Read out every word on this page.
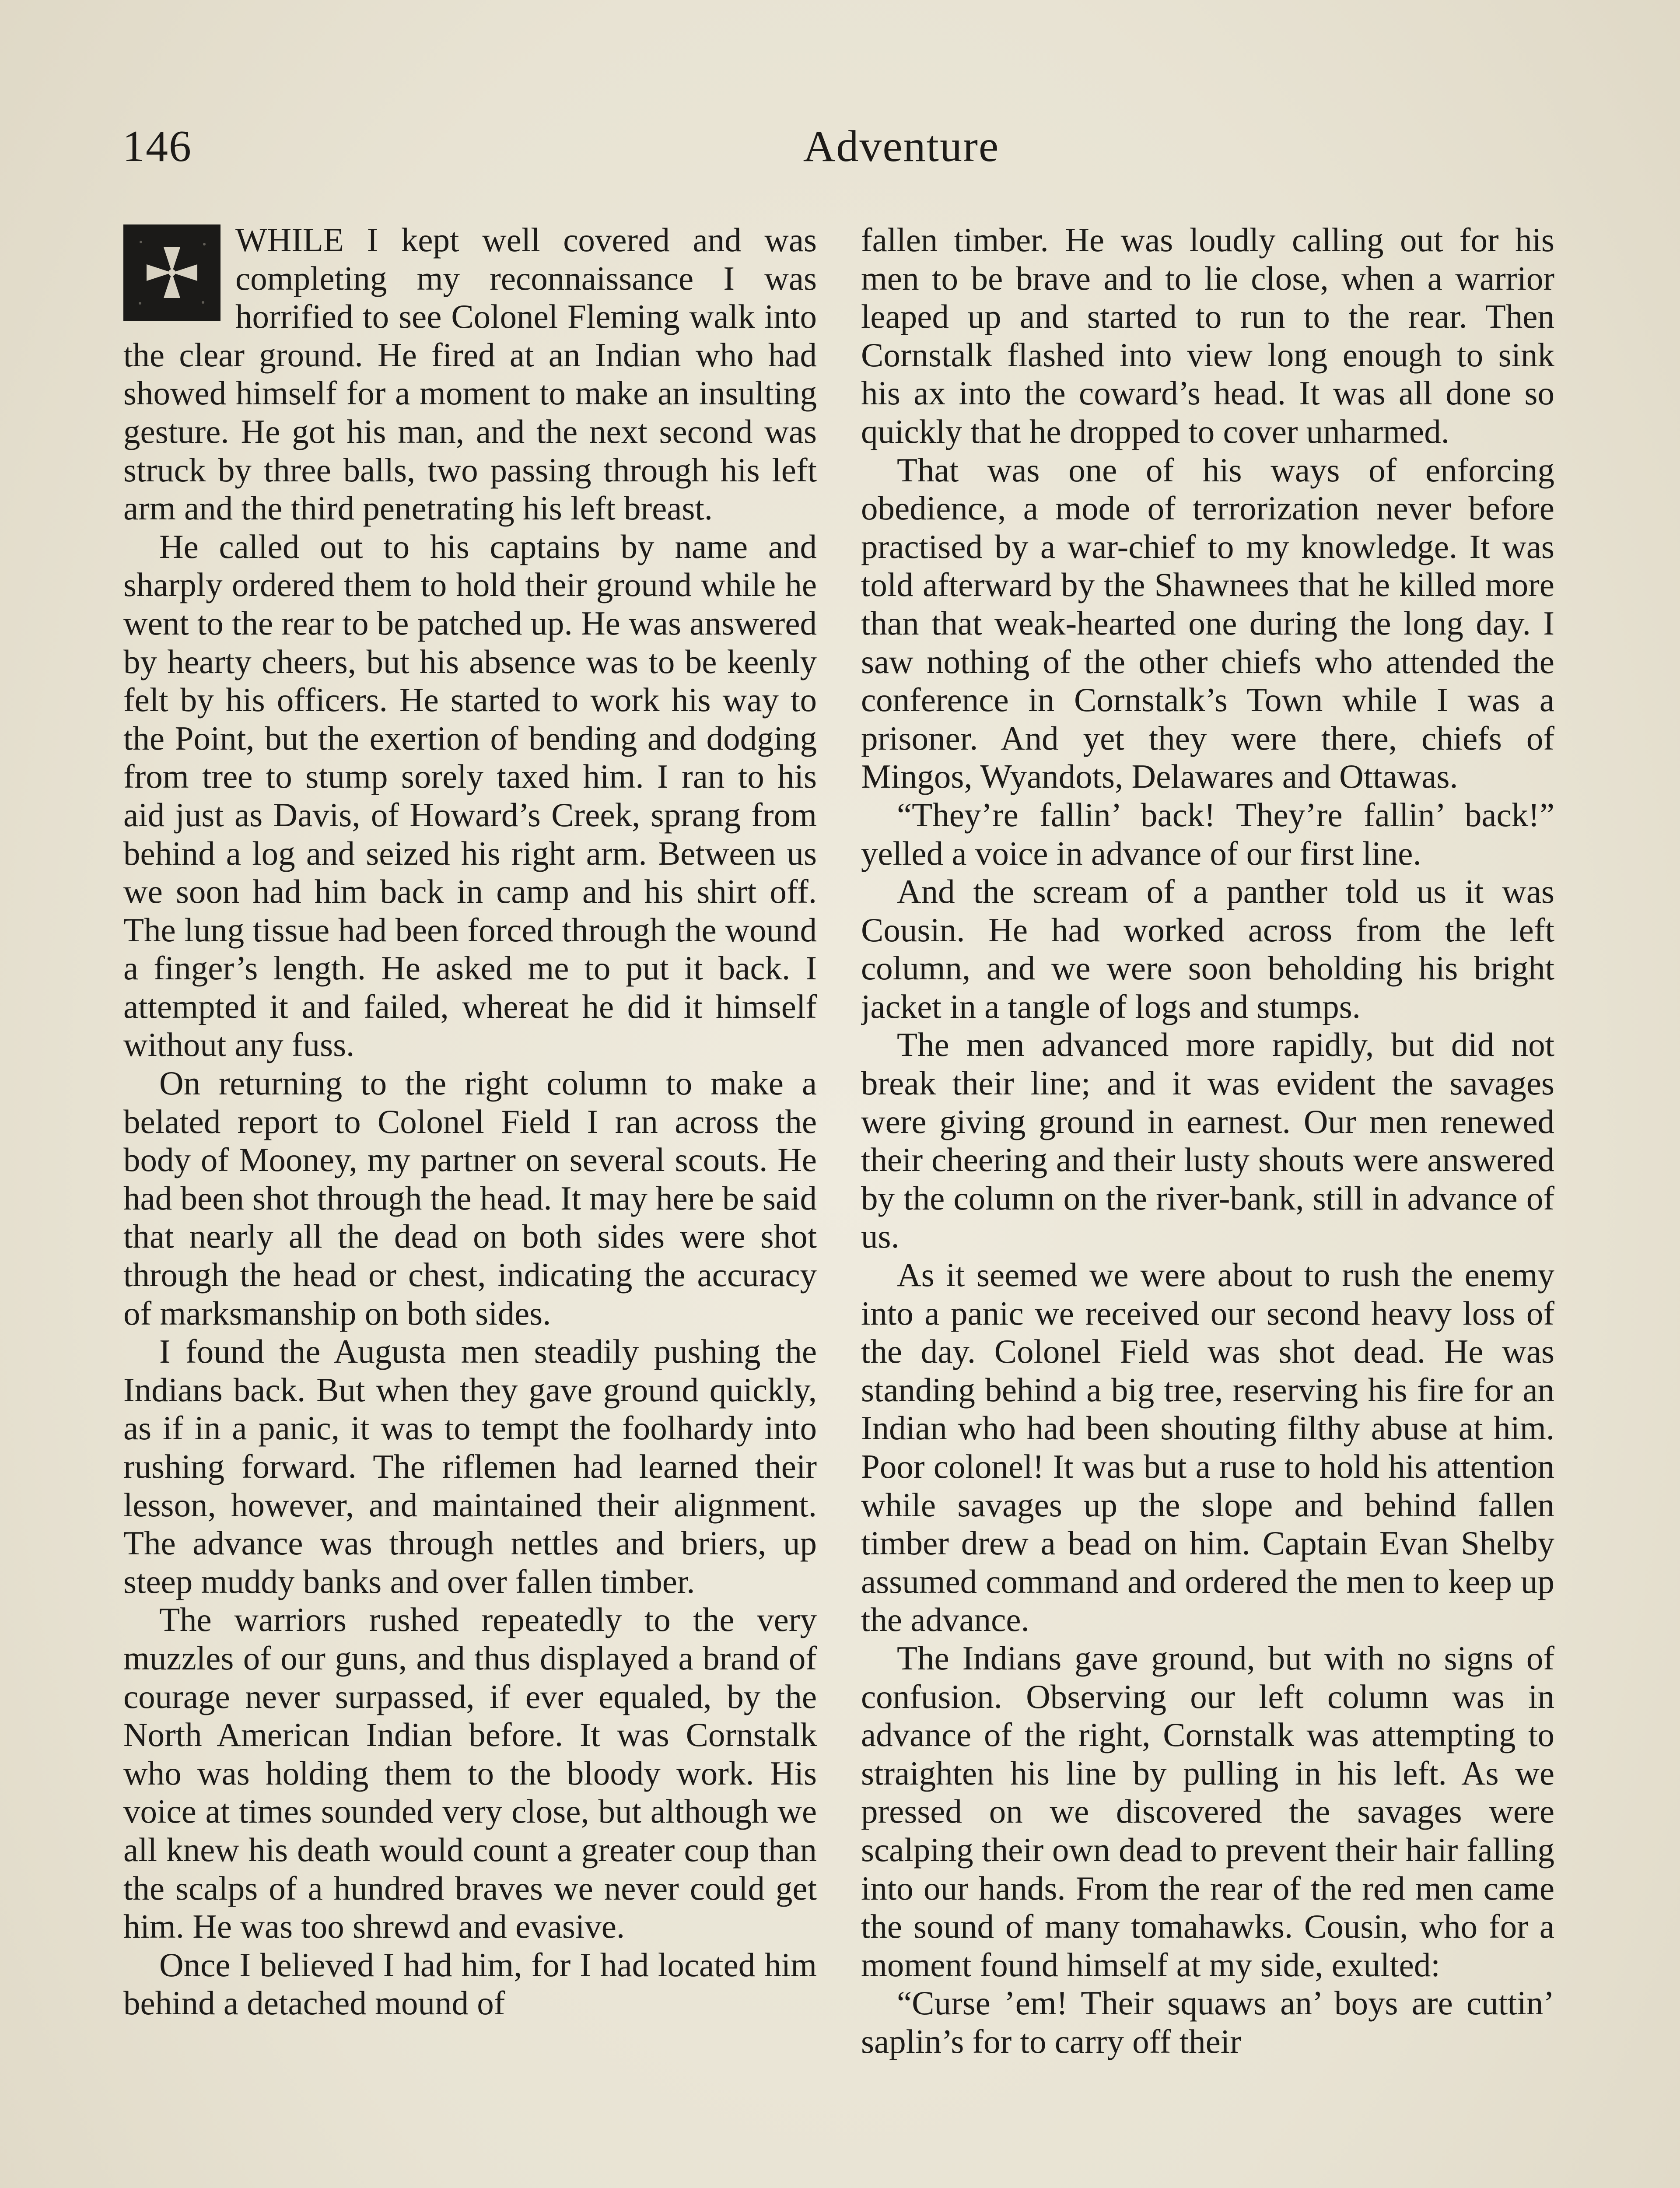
146	Adventure

WHILE I kept well covered and was completing my reconnaissance I was horrified to see Colonel Fleming walk into the clear ground. He fired at an Indian who had showed himself for a moment to make an insulting gesture. He got his man, and the next second was struck by three balls, two passing through his left arm and the third penetrating his left breast.

He called out to his captains by name and sharply ordered them to hold their ground while he went to the rear to be patched up. He was answered by hearty cheers, but his absence was to be keenly felt by his officers. He started to work his way to the Point, but the exertion of bending and dodging from tree to stump sorely taxed him. I ran to his aid just as Davis, of Howard’s Creek, sprang from behind a log and seized his right arm. Between us we soon had him back in camp and his shirt off. The lung tissue had been forced through the wound a finger’s length. He asked me to put it back. I attempted it and failed, whereat he did it himself without any fuss.

On returning to the right column to make a belated report to Colonel Field I ran across the body of Mooney, my partner on several scouts. He had been shot through the head. It may here be said that nearly all the dead on both sides were shot through the head or chest, indicating the accuracy of marksmanship on both sides.

I found the Augusta men steadily pushing the Indians back. But when they gave ground quickly, as if in a panic, it was to tempt the foolhardy into rushing forward. The riflemen had learned their lesson, however, and maintained their alignment. The advance was through nettles and briers, up steep muddy banks and over fallen timber.

The warriors rushed repeatedly to the very muzzles of our guns, and thus displayed a brand of courage never surpassed, if ever equaled, by the North American Indian before. It was Cornstalk who was holding them to the bloody work. His voice at times sounded very close, but although we all knew his death would count a greater coup than the scalps of a hundred braves we never could get him. He was too shrewd and evasive.

Once I believed I had him, for I had located him behind a detached mound of

fallen timber. He was loudly calling out for his men to be brave and to lie close, when a warrior leaped up and started to run to the rear. Then Cornstalk flashed into view long enough to sink his ax into the coward’s head. It was all done so quickly that he dropped to cover unharmed.

That was one of his ways of enforcing obedience, a mode of terrorization never before practised by a war-chief to my knowledge. It was told afterward by the Shawnees that he killed more than that weak-hearted one during the long day. I saw nothing of the other chiefs who attended the conference in Cornstalk’s Town while I was a prisoner. And yet they were there, chiefs of Mingos, Wyandots, Delawares and Ottawas.

“They’re fallin’ back! They’re fallin’ back!” yelled a voice in advance of our first line.

And the scream of a panther told us it was Cousin. He had worked across from the left column, and we were soon beholding his bright jacket in a tangle of logs and stumps.

The men advanced more rapidly, but did not break their line; and it was evident the savages were giving ground in earnest. Our men renewed their cheering and their lusty shouts were answered by the column on the river-bank, still in advance of us.

As it seemed we were about to rush the enemy into a panic we received our second heavy loss of the day. Colonel Field was shot dead. He was standing behind a big tree, reserving his fire for an Indian who had been shouting filthy abuse at him. Poor colonel! It was but a ruse to hold his attention while savages up the slope and behind fallen timber drew a bead on him. Captain Evan Shelby assumed command and ordered the men to keep up the advance.

The Indians gave ground, but with no signs of confusion. Observing our left column was in advance of the right, Cornstalk was attempting to straighten his line by pulling in his left. As we pressed on we discovered the savages were scalping their own dead to prevent their hair falling into our hands. From the rear of the red men came the sound of many tomahawks. Cousin, who for a moment found himself at my side, exulted:

“Curse ’em! Their squaws an’ boys are cuttin’ saplin’s for to carry off their
